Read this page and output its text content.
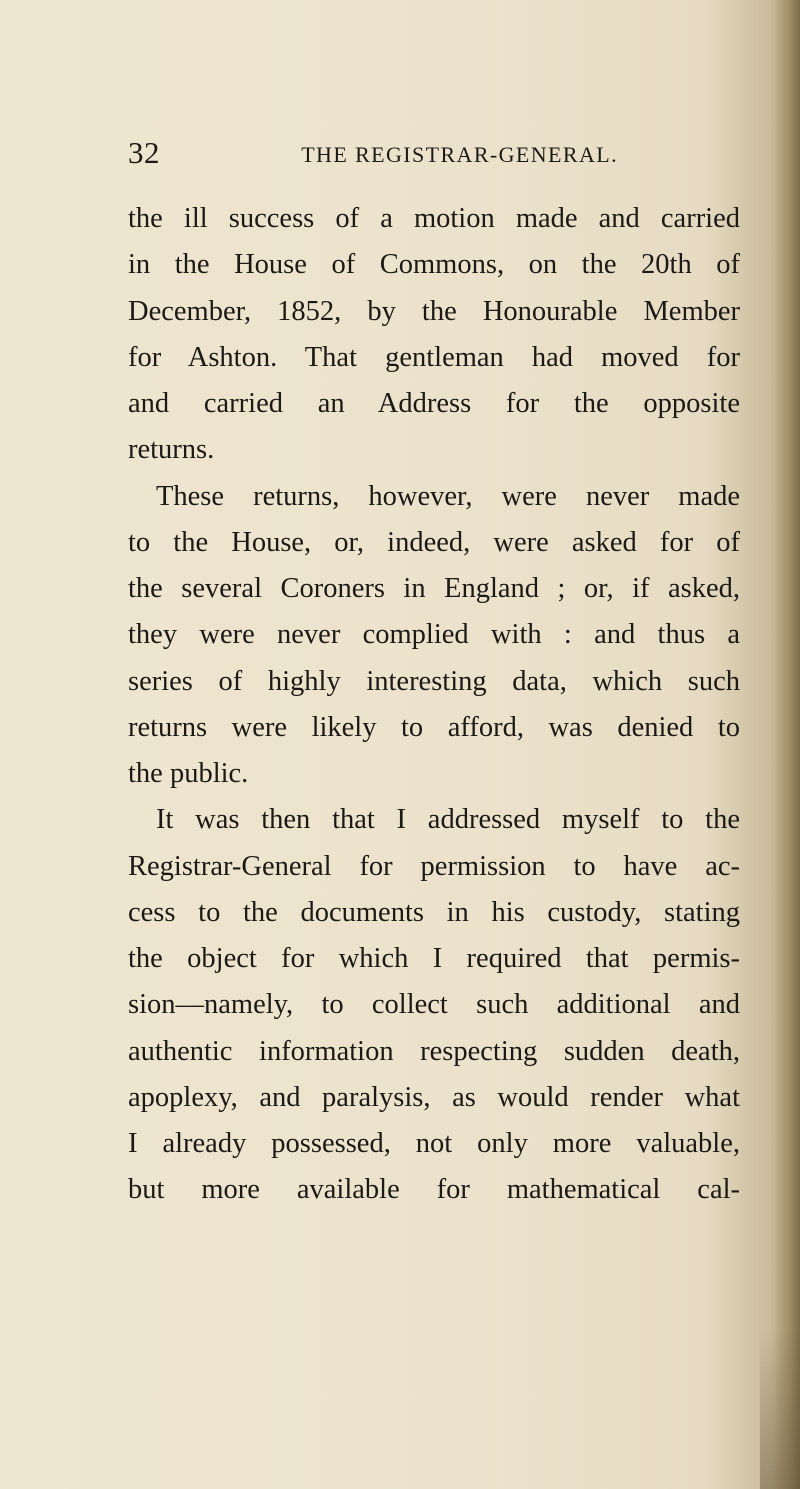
32	THE REGISTRAR-GENERAL.
the ill success of a motion made and carried
in the House of Commons, on the 20th of
December, 1852, by the Honourable Member
for Ashton. That gentleman had moved for
and carried an Address for the opposite
returns.
These returns, however, were never made
to the House, or, indeed, were asked for of
the several Coroners in England ; or, if asked,
they were never complied with : and thus a
series of highly interesting data, which such
returns were likely to afford, was denied to
the public.
It was then that I addressed myself to the
Registrar-General for permission to have ac-
cess to the documents in his custody, stating
the object for which I required that permis-
sion—namely, to collect such additional and
authentic information respecting sudden death,
apoplexy, and paralysis, as would render what
I already possessed, not only more valuable,
but more available for mathematical cal-
